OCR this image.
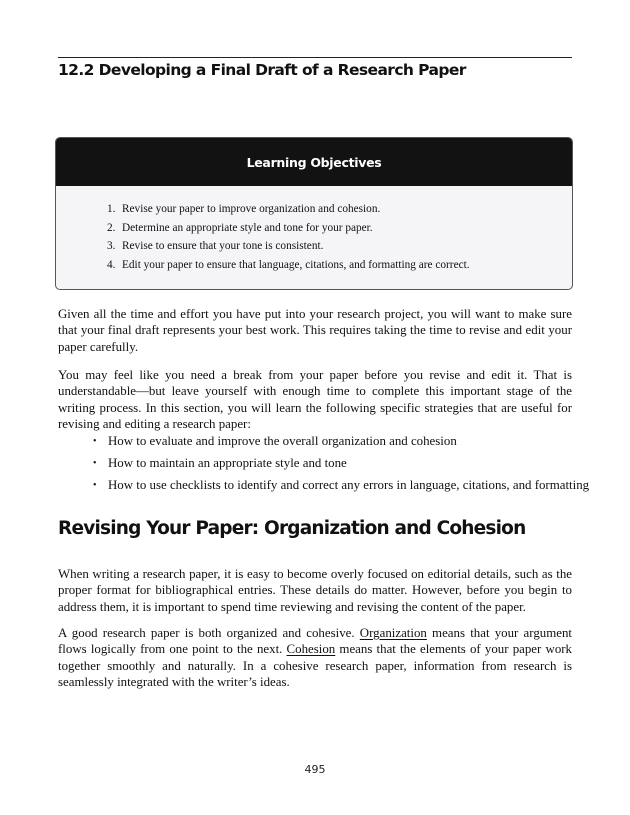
12.2 Developing a Final Draft of a Research Paper
Learning Objectives
1. Revise your paper to improve organization and cohesion.
2. Determine an appropriate style and tone for your paper.
3. Revise to ensure that your tone is consistent.
4. Edit your paper to ensure that language, citations, and formatting are correct.

Given all the time and effort you have put into your research project, you will want to make sure that your final draft represents your best work. This requires taking the time to revise and edit your paper carefully.

You may feel like you need a break from your paper before you revise and edit it. That is understandable—but leave yourself with enough time to complete this important stage of the writing process. In this section, you will learn the following specific strategies that are useful for revising and editing a research paper:

• How to evaluate and improve the overall organization and cohesion
• How to maintain an appropriate style and tone
• How to use checklists to identify and correct any errors in language, citations, and formatting
Revising Your Paper: Organization and Cohesion

When writing a research paper, it is easy to become overly focused on editorial details, such as the proper format for bibliographical entries. These details do matter. However, before you begin to address them, it is important to spend time reviewing and revising the content of the paper.

A good research paper is both organized and cohesive. Organization means that your argument flows logically from one point to the next. Cohesion means that the elements of your paper work together smoothly and naturally. In a cohesive research paper, information from research is seamlessly integrated with the writer’s ideas.

495
